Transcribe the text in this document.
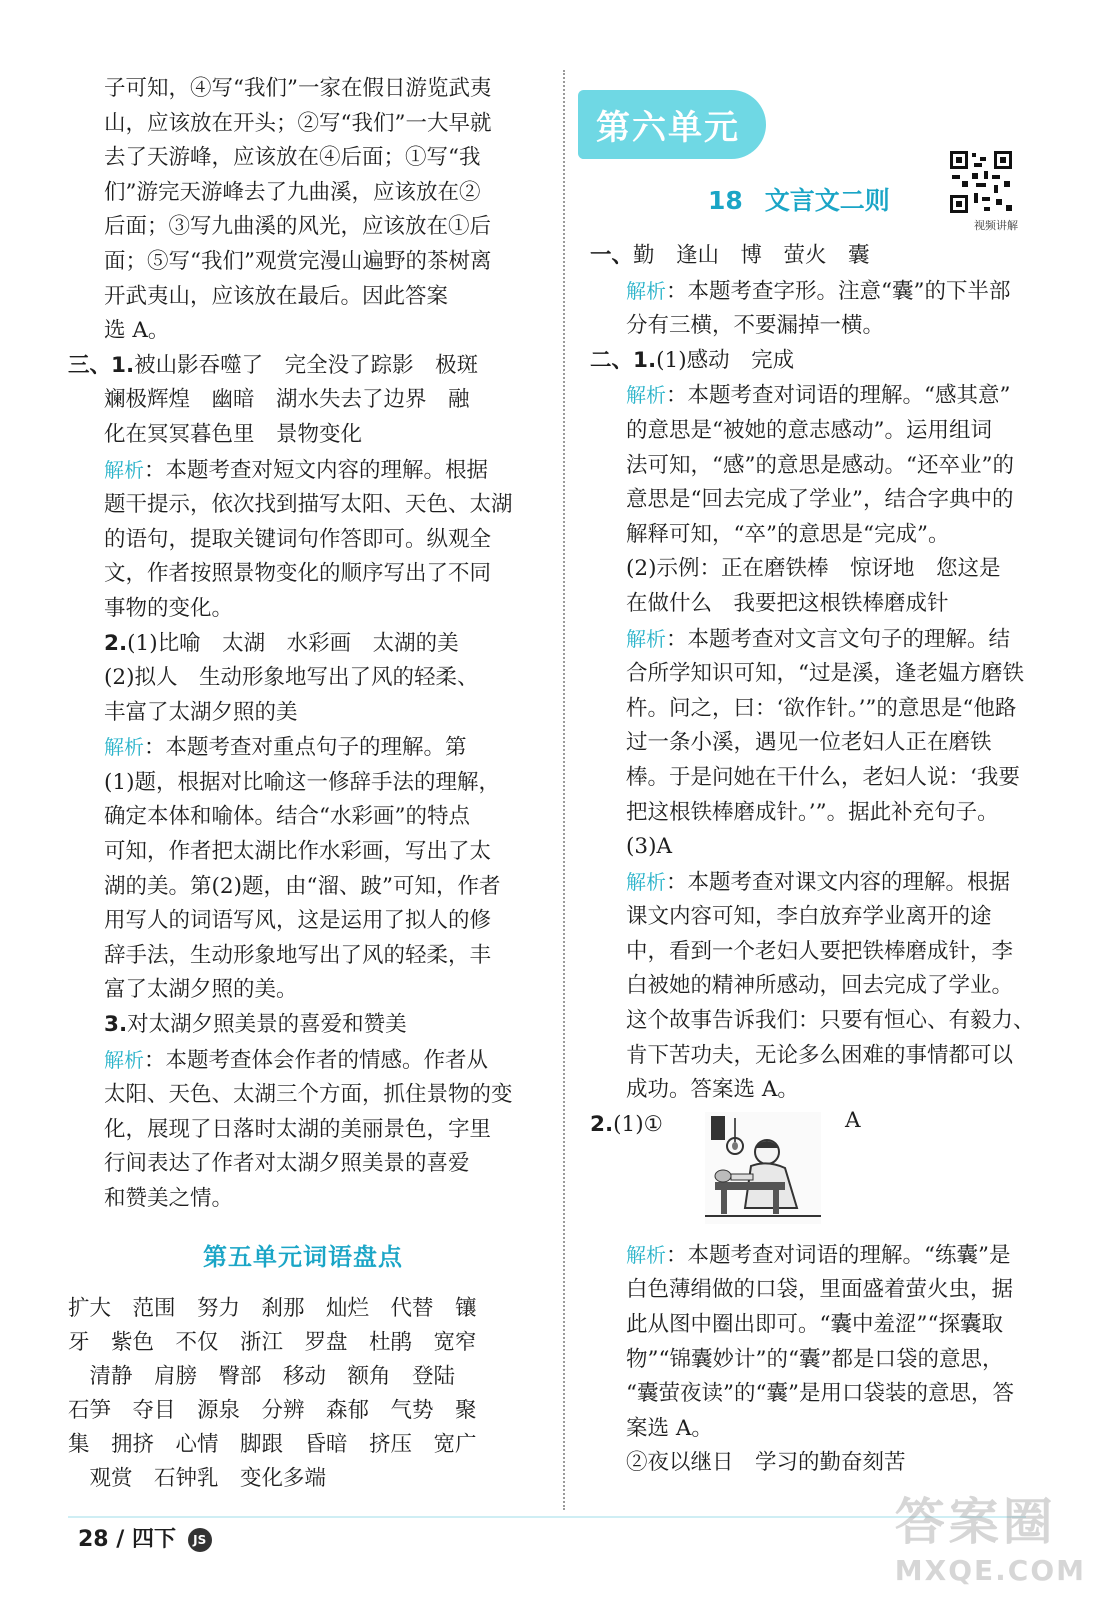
子可知，④写“我们”一家在假日游览武夷
山，应该放在开头；②写“我们”一大早就
去了天游峰，应该放在④后面；①写“我
们”游完天游峰去了九曲溪，应该放在②
后面；③写九曲溪的风光，应该放在①后
面；⑤写“我们”观赏完漫山遍野的茶树离
开武夷山，应该放在最后。因此答案
选 A。
三、1.被山影吞噬了　完全没了踪影　极斑
斓极辉煌　幽暗　湖水失去了边界　融
化在冥冥暮色里　景物变化
解析：本题考查对短文内容的理解。根据
题干提示，依次找到描写太阳、天色、太湖
的语句，提取关键词句作答即可。纵观全
文，作者按照景物变化的顺序写出了不同
事物的变化。
2.(1)比喻　太湖　水彩画　太湖的美
(2)拟人　生动形象地写出了风的轻柔、
丰富了太湖夕照的美
解析：本题考查对重点句子的理解。第
(1)题，根据对比喻这一修辞手法的理解，
确定本体和喻体。结合“水彩画”的特点
可知，作者把太湖比作水彩画，写出了太
湖的美。第(2)题，由“溜、跛”可知，作者
用写人的词语写风，这是运用了拟人的修
辞手法，生动形象地写出了风的轻柔，丰
富了太湖夕照的美。
3.对太湖夕照美景的喜爱和赞美
解析：本题考查体会作者的情感。作者从
太阳、天色、太湖三个方面，抓住景物的变
化，展现了日落时太湖的美丽景色，字里
行间表达了作者对太湖夕照美景的喜爱
和赞美之情。
第五单元词语盘点
扩大　范围　努力　刹那　灿烂　代替　镶
牙　紫色　不仅　浙江　罗盘　杜鹃　宽窄
　清静　肩膀　臀部　移动　额角　登陆
石笋　夺目　源泉　分辨　森郁　气势　聚
集　拥挤　心情　脚跟　昏暗　挤压　宽广
　观赏　石钟乳　变化多端
第六单元
18 文言文二则
视频讲解
一、勤　逢山　博　萤火　囊
解析：本题考查字形。注意“囊”的下半部
分有三横，不要漏掉一横。
二、1.(1)感动　完成
解析：本题考查对词语的理解。“感其意”
的意思是“被她的意志感动”。运用组词
法可知，“感”的意思是感动。“还卒业”的
意思是“回去完成了学业”，结合字典中的
解释可知，“卒”的意思是“完成”。
(2)示例：正在磨铁棒　惊讶地　您这是
在做什么　我要把这根铁棒磨成针
解析：本题考查对文言文句子的理解。结
合所学知识可知，“过是溪，逢老媪方磨铁
杵。问之，曰：‘欲作针。’”的意思是“他路
过一条小溪，遇见一位老妇人正在磨铁
棒。于是问她在干什么，老妇人说：‘我要
把这根铁棒磨成针。’”。据此补充句子。
(3)A
解析：本题考查对课文内容的理解。根据
课文内容可知，李白放弃学业离开的途
中，看到一个老妇人要把铁棒磨成针，李
白被她的精神所感动，回去完成了学业。
这个故事告诉我们：只要有恒心、有毅力、
肯下苦功夫，无论多么困难的事情都可以
成功。答案选 A。
2.(1)①	A
解析：本题考查对词语的理解。“练囊”是
白色薄绢做的口袋，里面盛着萤火虫，据
此从图中圈出即可。“囊中羞涩”“探囊取
物”“锦囊妙计”的“囊”都是口袋的意思，
“囊萤夜读”的“囊”是用口袋装的意思，答
案选 A。
②夜以继日　学习的勤奋刻苦
28 / 四下 JS	答案圈
MXQE.COM
